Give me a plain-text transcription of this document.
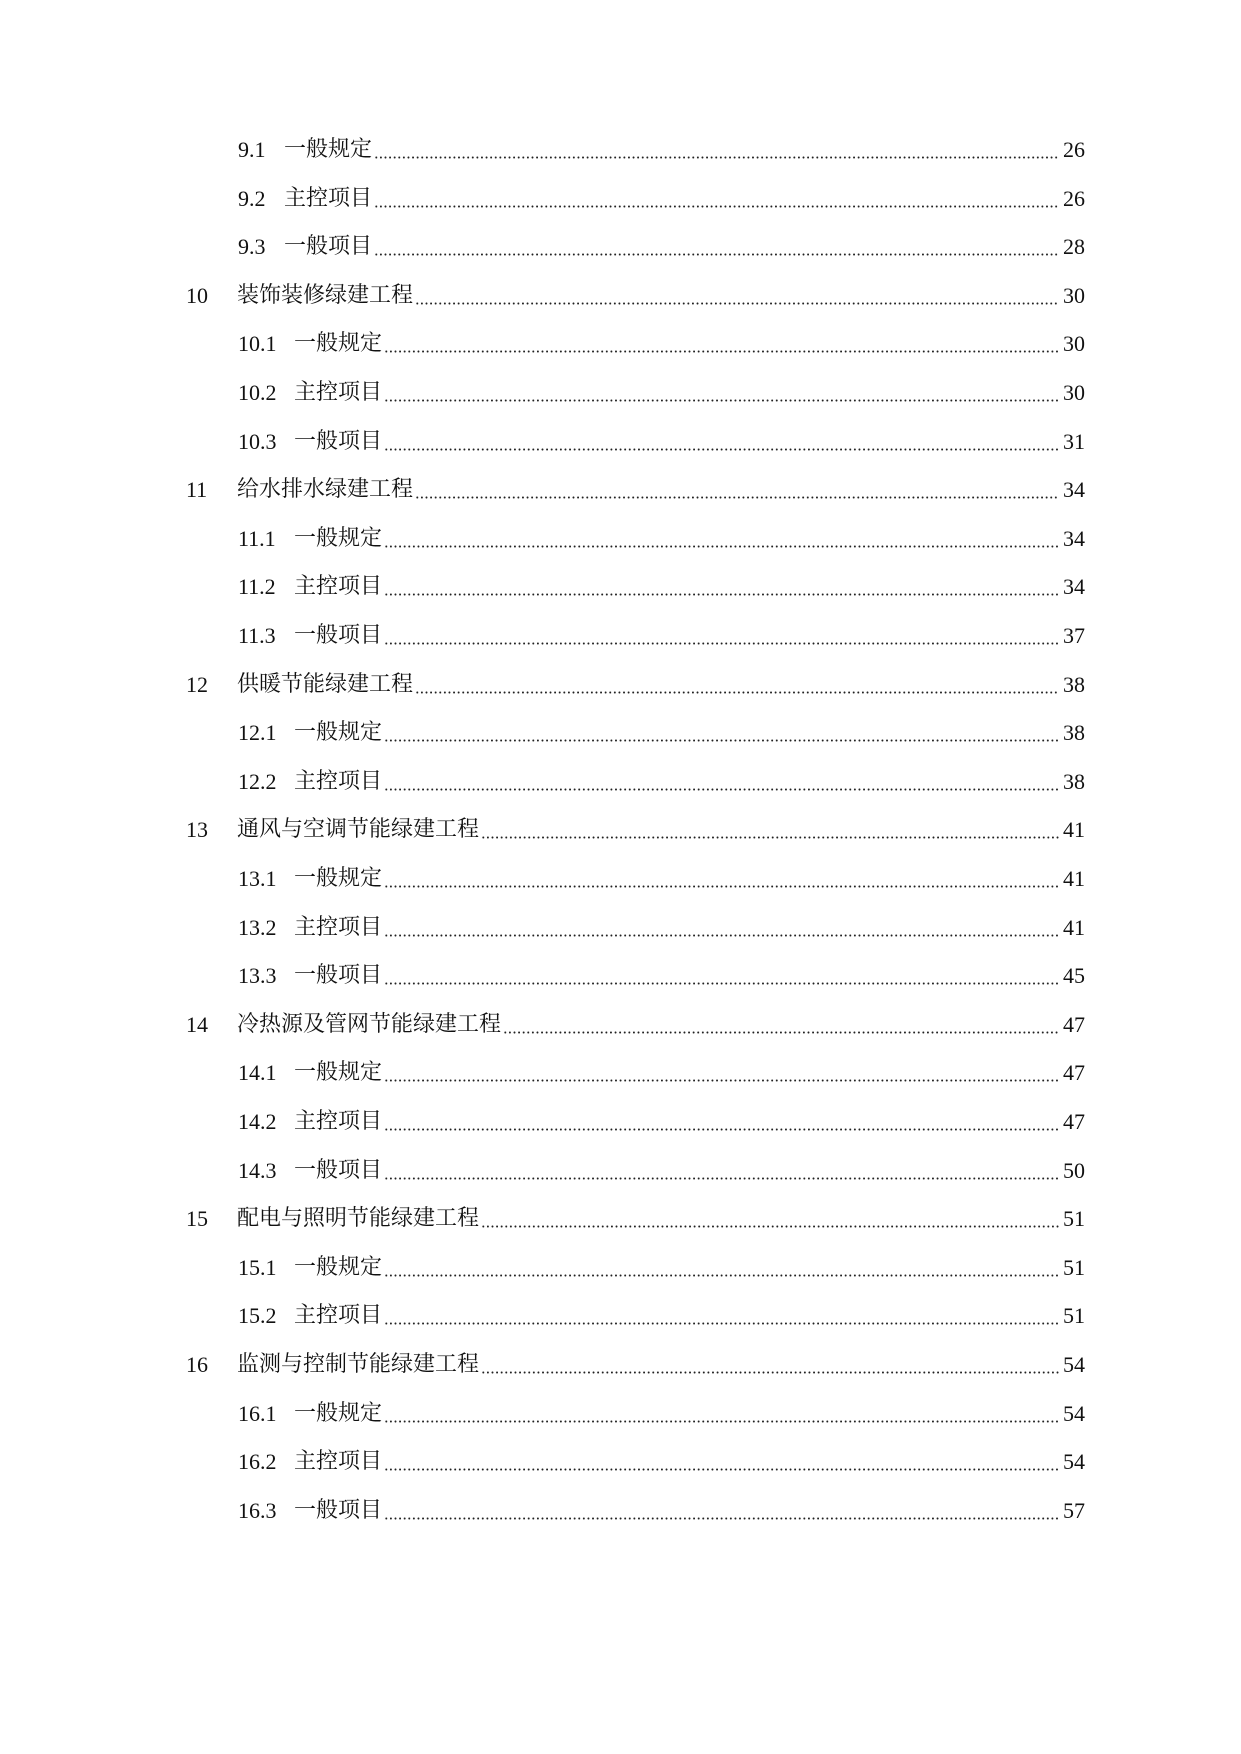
9.1 一般规定	26
9.2 主控项目	26
9.3 一般项目	28
10	装饰装修绿建工程	30
10.1 一般规定	30
10.2 主控项目	30
10.3 一般项目	31
11	给水排水绿建工程	34
11.1 一般规定	34
11.2 主控项目	34
11.3 一般项目	37
12	供暖节能绿建工程	38
12.1 一般规定	38
12.2 主控项目	38
13	通风与空调节能绿建工程	41
13.1 一般规定	41
13.2 主控项目	41
13.3 一般项目	45
14	冷热源及管网节能绿建工程	47
14.1 一般规定	47
14.2 主控项目	47
14.3 一般项目	50
15	配电与照明节能绿建工程	51
15.1 一般规定	51
15.2 主控项目	51
16	监测与控制节能绿建工程	54
16.1 一般规定	54
16.2 主控项目	54
16.3 一般项目	57
